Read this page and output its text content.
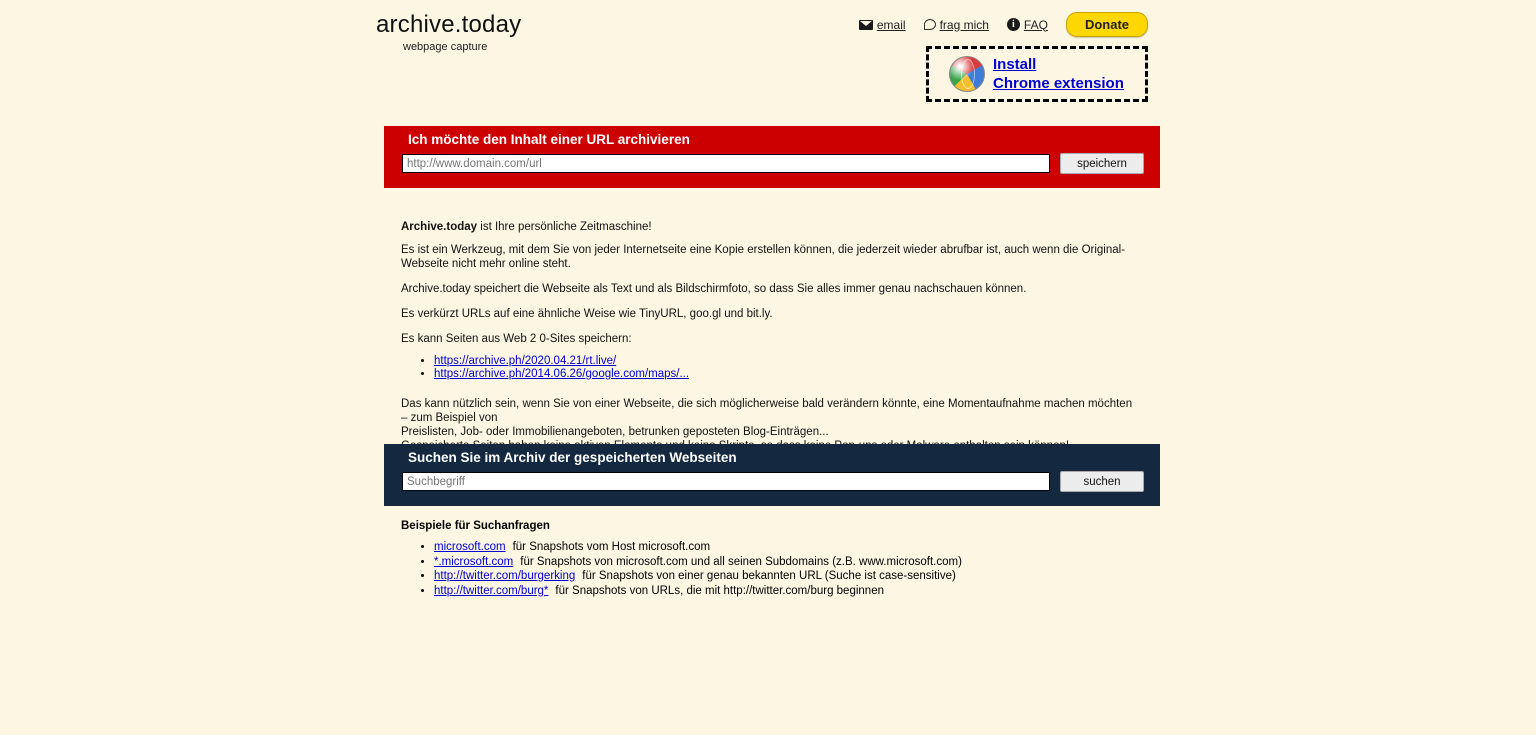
archive.today
webpage capture
email	frag mich	i FAQ	Donate
Install
Chrome extension
Ich möchte den Inhalt einer URL archivieren
http://www.domain.com/url
speichern

Archive.today ist Ihre persönliche Zeitmaschine!

Es ist ein Werkzeug, mit dem Sie von jeder Internetseite eine Kopie erstellen können, die jederzeit wieder abrufbar ist, auch wenn die Original-Webseite nicht mehr online steht.

Archive.today speichert die Webseite als Text und als Bildschirmfoto, so dass Sie alles immer genau nachschauen können.

Es verkürzt URLs auf eine ähnliche Weise wie TinyURL, goo.gl und bit.ly.

Es kann Seiten aus Web 2 0-Sites speichern:

• https://archive.ph/2020.04.21/rt.live/
• https://archive.ph/2014.06.26/google.com/maps/...
Das kann nützlich sein, wenn Sie von einer Webseite, die sich möglicherweise bald verändern könnte, eine Momentaufnahme machen möchten – zum Beispiel von
Preislisten, Job- oder Immobilienangeboten, betrunken geposteten Blog-Einträgen...
Suchen Sie im Archiv der gespeicherten Webseiten
Suchbegriff
suchen
Beispiele für Suchanfragen
• microsoft.com für Snapshots vom Host microsoft.com
• *.microsoft.com für Snapshots von microsoft.com und all seinen Subdomains (z.B. www.microsoft.com)
• http://twitter.com/burgerking für Snapshots von einer genau bekannten URL (Suche ist case-sensitive)
• http://twitter.com/burg* für Snapshots von URLs, die mit http://twitter.com/burg beginnen
